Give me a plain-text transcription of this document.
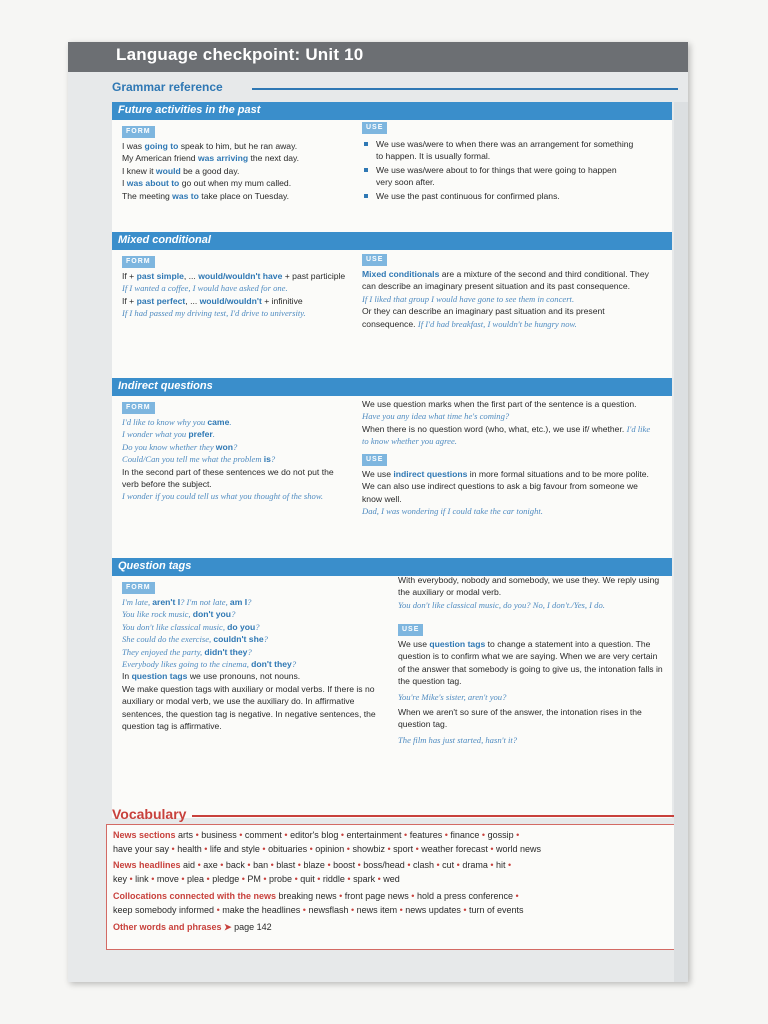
Language checkpoint: Unit 10
Grammar reference
Future activities in the past
FORM

I was going to speak to him, but he ran away.

My American friend was arriving the next day.

I knew it would be a good day.

I was about to go out when my mum called.

The meeting was to take place on Tuesday.

USE
We use was/were to when there was an arrangement for something to happen. It is usually formal.
We use was/were about to for things that were going to happen very soon after.
We use the past continuous for confirmed plans.
Mixed conditional
FORM

If + past simple, ... would/wouldn't have + past participle

If I wanted a coffee, I would have asked for one.

If + past perfect, ... would/wouldn't + infinitive

If I had passed my driving test, I'd drive to university.

USE

Mixed conditionals are a mixture of the second and third conditional. They can describe an imaginary present situation and its past consequence.

If I liked that group I would have gone to see them in concert.

Or they can describe an imaginary past situation and its present consequence. If I'd had breakfast, I wouldn't be hungry now.

Indirect questions
FORM

I'd like to know why you came.

I wonder what you prefer.

Do you know whether they won?

Could/Can you tell me what the problem is?

In the second part of these sentences we do not put the verb before the subject.

I wonder if you could tell us what you thought of the show.

We use question marks when the first part of the sentence is a question. Have you any idea what time he's coming?

When there is no question word (who, what, etc.), we use if/ whether. I'd like to know whether you agree.

USE

We use indirect questions in more formal situations and to be more polite. We can also use indirect questions to ask a big favour from someone we know well.

Dad, I was wondering if I could take the car tonight.

Question tags
FORM

I'm late, aren't I? I'm not late, am I?

You like rock music, don't you?

You don't like classical music, do you?

She could do the exercise, couldn't she?

They enjoyed the party, didn't they?

Everybody likes going to the cinema, don't they?

In question tags we use pronouns, not nouns.

We make question tags with auxiliary or modal verbs. If there is no auxiliary or modal verb, we use the auxiliary do. In affirmative sentences, the question tag is negative. In negative sentences, the question tag is affirmative.

With everybody, nobody and somebody, we use they. We reply using the auxiliary or modal verb.

You don't like classical music, do you? No, I don't./Yes, I do.

USE

We use question tags to change a statement into a question. The question is to confirm what we are saying. When we are very certain of the answer that somebody is going to give us, the intonation falls in the question tag.

You're Mike's sister, aren't you?

When we aren't so sure of the answer, the intonation rises in the question tag.

The film has just started, hasn't it?

Vocabulary
News sections arts • business • comment • editor's blog • entertainment • features • finance • gossip •
have your say • health • life and style • obituaries • opinion • showbiz • sport • weather forecast • world news
News headlines aid • axe • back • ban • blast • blaze • boost • boss/head • clash • cut • drama • hit •
key • link • move • plea • pledge • PM • probe • quit • riddle • spark • wed
Collocations connected with the news breaking news • front page news • hold a press conference •
keep somebody informed • make the headlines • newsflash • news item • news updates • turn of events
Other words and phrases ➤ page 142
